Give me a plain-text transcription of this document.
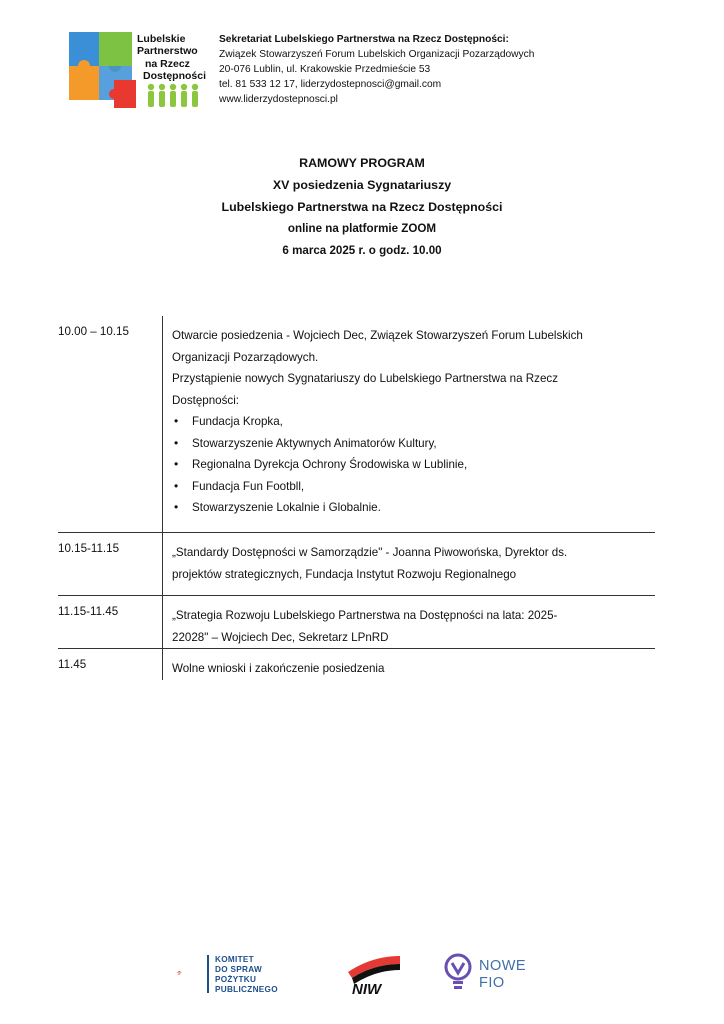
Lubelskie
Partnerstwo
na Rzecz
Dostępności
Sekretariat Lubelskiego Partnerstwa na Rzecz Dostępności:
Związek Stowarzyszeń Forum Lubelskich Organizacji Pozarządowych
20-076 Lublin, ul. Krakowskie Przedmieście 53
tel. 81 533 12 17, liderzydostepnosci@gmail.com
www.liderzydostepnosci.pl
RAMOWY PROGRAM
XV posiedzenia Sygnatariuszy
Lubelskiego Partnerstwa na Rzecz Dostępności
online na platformie ZOOM
6 marca 2025 r. o godz. 10.00
10.00 – 10.15	Otwarcie posiedzenia - Wojciech Dec, Związek Stowarzyszeń Forum Lubelskich
Organizacji Pozarządowych.
Przystąpienie nowych Sygnatariuszy do Lubelskiego Partnerstwa na Rzecz
Dostępności:
• Fundacja Kropka,
• Stowarzyszenie Aktywnych Animatorów Kultury,
• Regionalna Dyrekcja Ochrony Środowiska w Lublinie,
• Fundacja Fun Footbll,
• Stowarzyszenie Lokalnie i Globalnie.
10.15-11.15	„Standardy Dostępności w Samorządzie" - Joanna Piwowońska, Dyrektor ds.
projektów strategicznych, Fundacja Instytut Rozwoju Regionalnego
11.15-11.45	„Strategia Rozwoju Lubelskiego Partnerstwa na Dostępności na lata: 2025-
22028" – Wojciech Dec, Sekretarz LPnRD
11.45	Wolne wnioski i zakończenie posiedzenia
KOMITET
DO SPRAW
POŻYTKU
PUBLICZNEGO	NIW
NOWE
FIO
